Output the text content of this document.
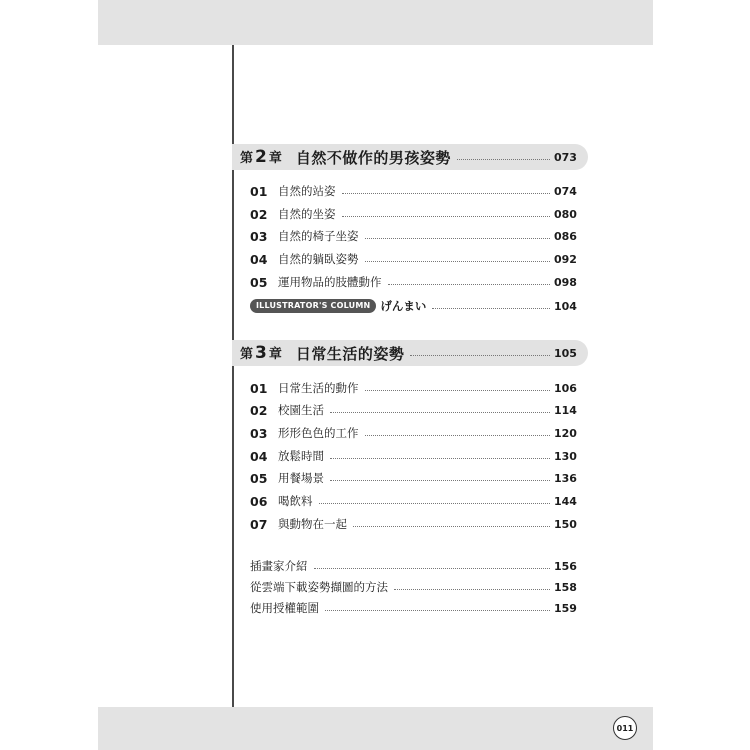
011
第 2 章 自然不做作的男孩姿勢	073
01 自然的站姿	074
02 自然的坐姿	080
03 自然的椅子坐姿	086
04 自然的躺臥姿勢	092
05 運用物品的肢體動作	098
ILLUSTRATOR'S COLUMN げんまい	104
第 3 章 日常生活的姿勢	105
01 日常生活的動作	106
02 校園生活	114
03 形形色色的工作	120
04 放鬆時間	130
05 用餐場景	136
06 喝飲料	144
07 與動物在一起	150
插畫家介紹	156
從雲端下載姿勢擷圖的方法	158
使用授權範圍	159
